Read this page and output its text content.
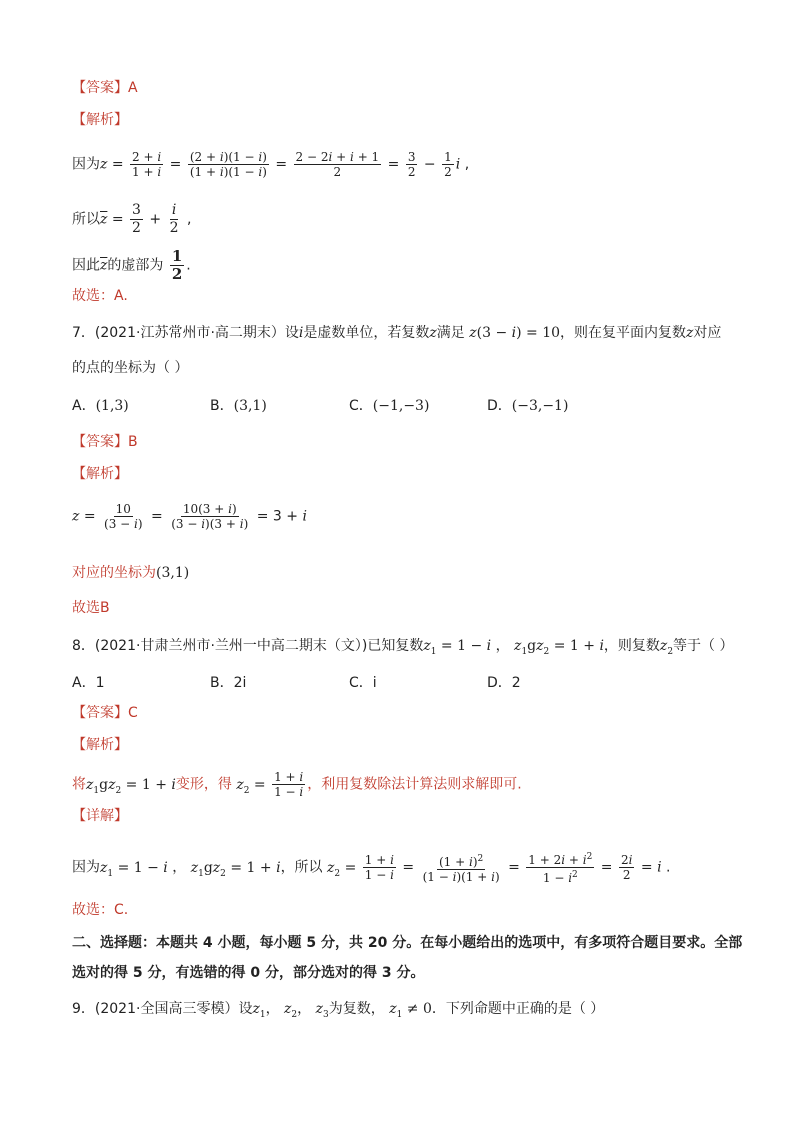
【答案】A
【解析】
因为$z = \frac{2 + i}{1 + i} = \frac{(2 + i)(1 - i)}{(1 + i)(1 - i)} = \frac{2 - 2i + i + 1}{2} = \frac{3}{2} - \frac{1}{2}$ i ,
所以$\overline{z} = \frac{3}{2} + \frac{i}{2}$ ,
因此$\overline{z}$的虚部为 $\frac{1}{2}$ .
故选：A.
7．(2021·江苏常州市·高二期末）设i是虚数单位，若复数z满足 z(3 − i) = 10，则在复平面内复数z对应
的点的坐标为（ ）
A．(1,3)	B．(3,1)	C．(−1,−3)	D．(−3,−1)
【答案】B
【解析】
$z = \frac{10}{(3 - i)} = \frac{10(3 + i)}{(3 - i)(3 + i)} = 3 + i$
对应的坐标为(3,1)
故选B
8．(2021·甘肃兰州市·兰州一中高二期末（文）)已知复数$z_1 = 1 - i$ ， $z_1gz_2 = 1 + i$，则复数$z_2$等于（ ）
A．1	B．2i	C．i	D．2
【答案】C
【解析】
将$z_1gz_2 = 1 + i$变形，得 $z_2 = \frac{1 + i}{1 - i}$ ，利用复数除法计算法则求解即可.
【详解】
因为$z_1 = 1 - i$ ， $z_1gz_2 = 1 + i$，所以 $z_2 = \frac{1 + i}{1 - i} = \frac{(1 + i)^2}{(1 - i)(1 + i)} = \frac{1 + 2i + i^2}{1 - i^2} = \frac{2i}{2} = i$ .
故选：C.
二、选择题：本题共 4 小题，每小题 5 分，共 20 分。在每小题给出的选项中，有多项符合题目要求。全部
选对的得 5 分，有选错的得 0 分，部分选对的得 3 分。
9．(2021·全国高三零模）设$z_1$， $z_2$， $z_3$为复数， $z_1 \ne 0$．下列命题中正确的是（ ）
